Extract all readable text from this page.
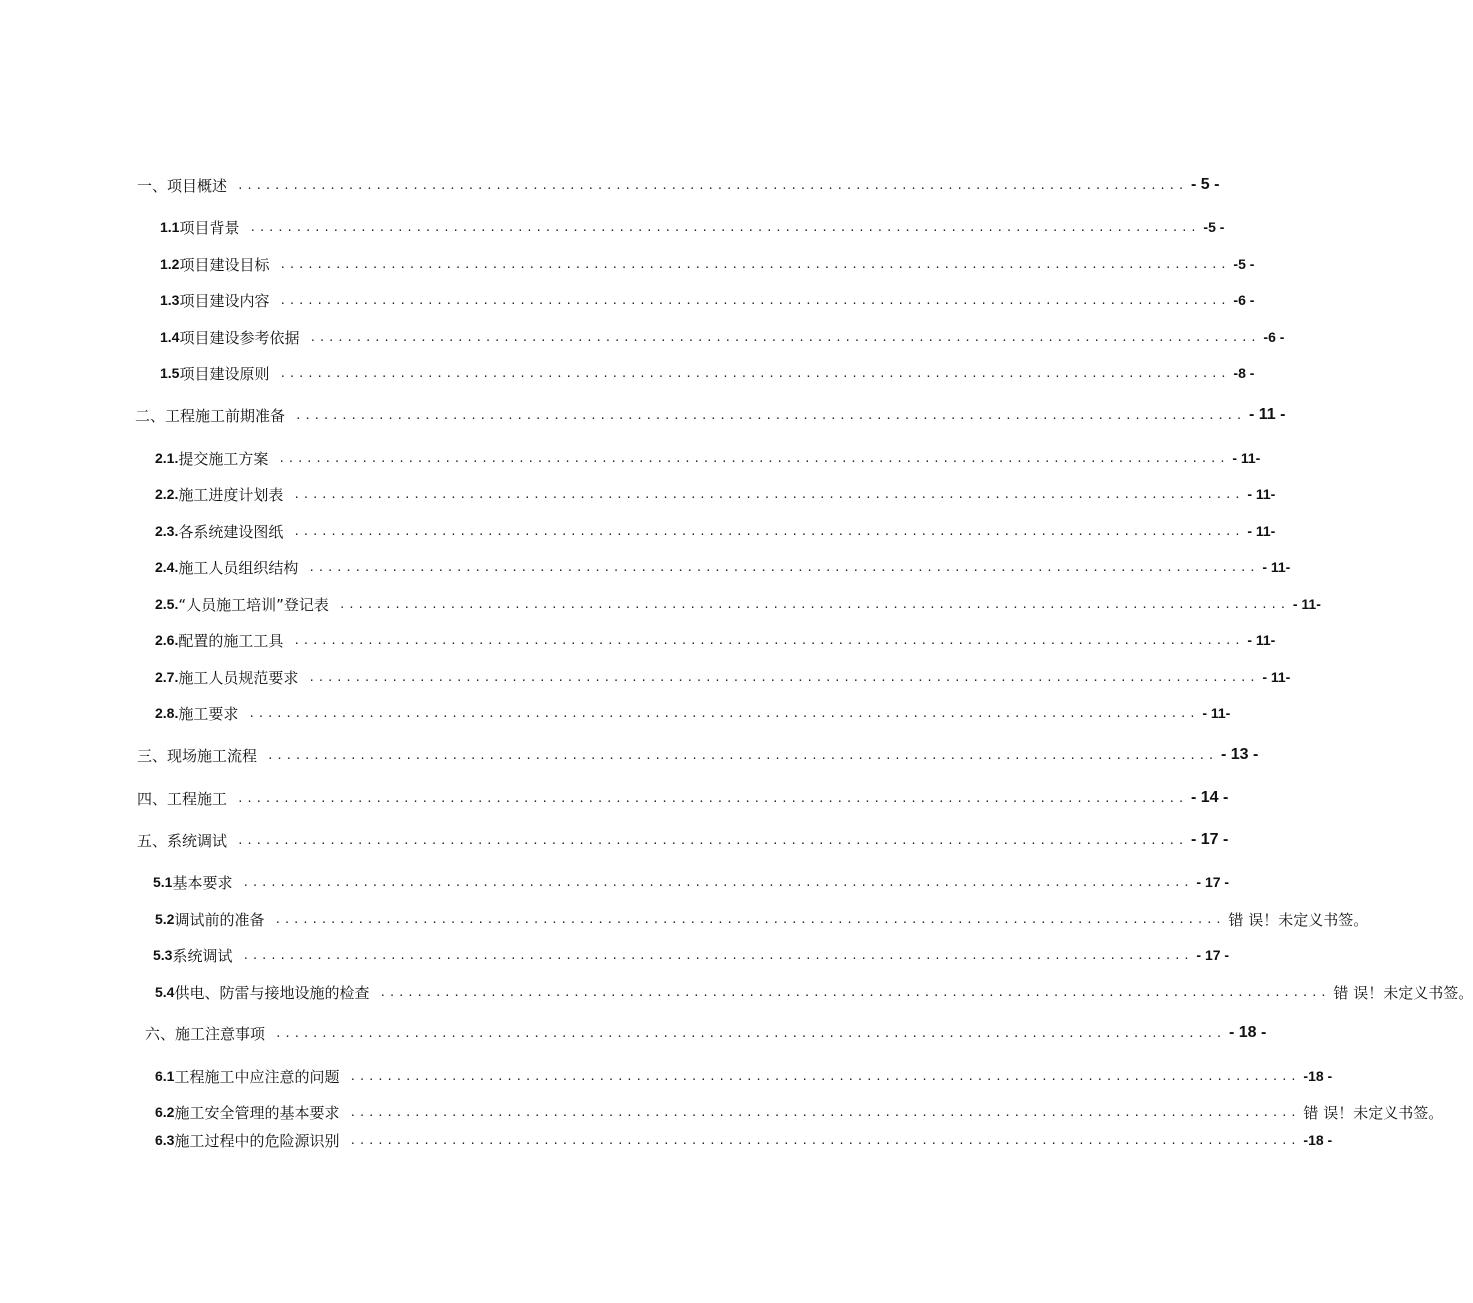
一、 项目概述 ....................................................................................................... - 5 -
1.1 项目背景 ....................................................................................................... -5 -
1.2 项目建设目标 ....................................................................................................... -5 -
1.3 项目建设内容 ....................................................................................................... -6 -
1.4 项目建设参考依据 ....................................................................................................... -6 -
1.5 项目建设原则 ....................................................................................................... -8 -
二、 工程施工前期准备 ....................................................................................................... - 11 -
2.1. 提交施工方案 ....................................................................................................... - 11-
2.2. 施工进度计划表 ....................................................................................................... - 11-
2.3. 各系统建设图纸 ....................................................................................................... - 11-
2.4. 施工人员组织结构 ....................................................................................................... - 11-
2.5. “人员施工培训”登记表 ....................................................................................................... - 11-
2.6. 配置的施工工具 ....................................................................................................... - 11-
2.7. 施工人员规范要求 ....................................................................................................... - 11-
2.8. 施工要求 ....................................................................................................... - 11-
三、 现场施工流程 ....................................................................................................... - 13 -
四、 工程施工 ....................................................................................................... - 14 -
五、 系统调试 ....................................................................................................... - 17 -
5.1 基本要求 ....................................................................................................... - 17 -
5.2 调试前的准备 ....................................................................................................... 错 误！未定义书签。
5.3 系统调试 ....................................................................................................... - 17 -
5.4 供电、防雷与接地设施的检查 ....................................................................................................... 错 误！未定义书签。
六、 施工注意事项 ....................................................................................................... - 18 -
6.1 工程施工中应注意的问题 ....................................................................................................... -18 -
6.2 施工安全管理的基本要求 ....................................................................................................... 错 误！未定义书签。
6.3 施工过程中的危险源识别 ....................................................................................................... -18 -
